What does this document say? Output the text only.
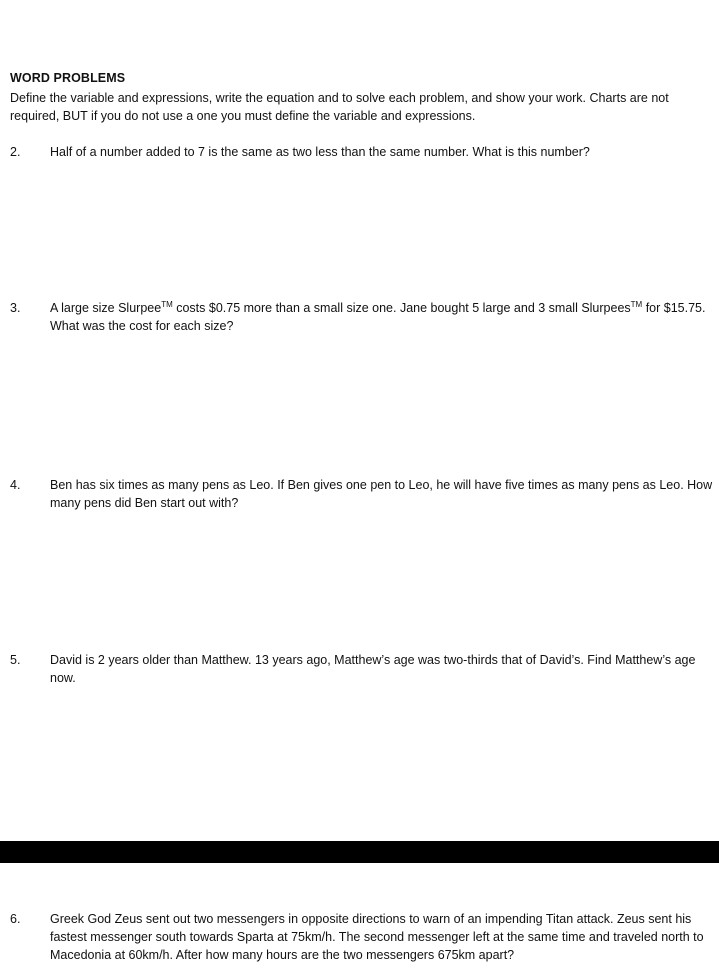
WORD PROBLEMS
Define the variable and expressions, write the equation and to solve each problem, and show your work. Charts are not required, BUT if you do not use a one you must define the variable and expressions.
2. Half of a number added to 7 is the same as two less than the same number. What is this number?
3. A large size Slurpee™ costs $0.75 more than a small size one. Jane bought 5 large and 3 small Slurpees™ for $15.75. What was the cost for each size?
4. Ben has six times as many pens as Leo. If Ben gives one pen to Leo, he will have five times as many pens as Leo. How many pens did Ben start out with?
5. David is 2 years older than Matthew. 13 years ago, Matthew’s age was two-thirds that of David’s. Find Matthew’s age now.
6. Greek God Zeus sent out two messengers in opposite directions to warn of an impending Titan attack. Zeus sent his fastest messenger south towards Sparta at 75km/h. The second messenger left at the same time and traveled north to Macedonia at 60km/h. After how many hours are the two messengers 675km apart?
